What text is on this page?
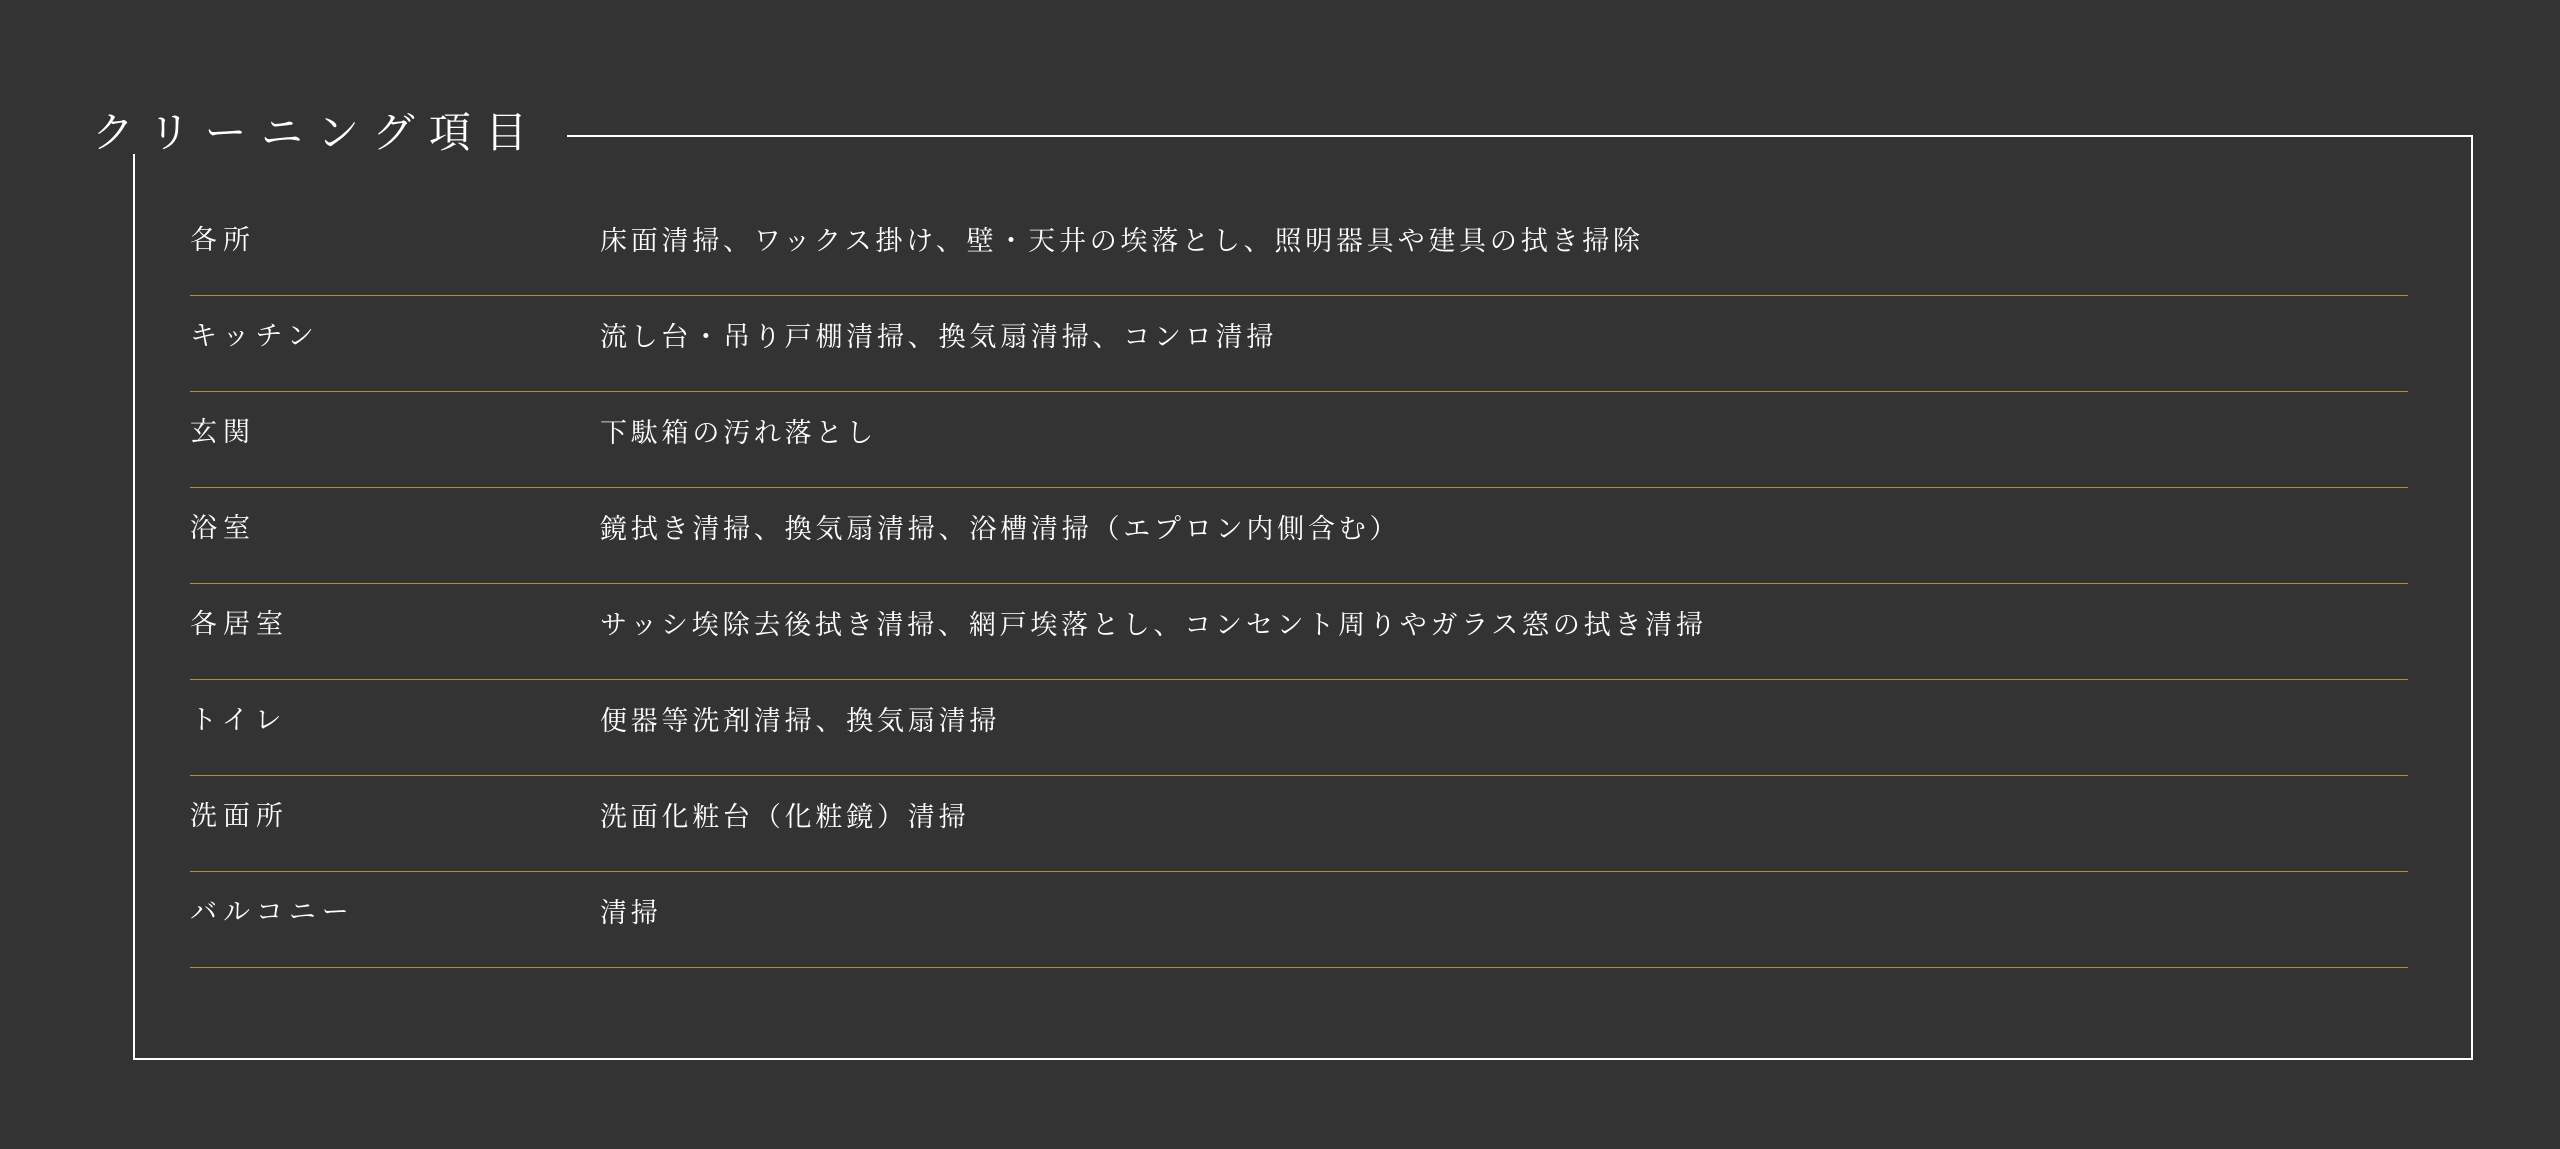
クリーニング項目
各所	床面清掃、ワックス掛け、壁・天井の埃落とし、照明器具や建具の拭き掃除
キッチン	流し台・吊り戸棚清掃、換気扇清掃、コンロ清掃
玄関	下駄箱の汚れ落とし
浴室	鏡拭き清掃、換気扇清掃、浴槽清掃（エプロン内側含む）
各居室	サッシ埃除去後拭き清掃、網戸埃落とし、コンセント周りやガラス窓の拭き清掃
トイレ	便器等洗剤清掃、換気扇清掃
洗面所	洗面化粧台（化粧鏡）清掃
バルコニー	清掃
